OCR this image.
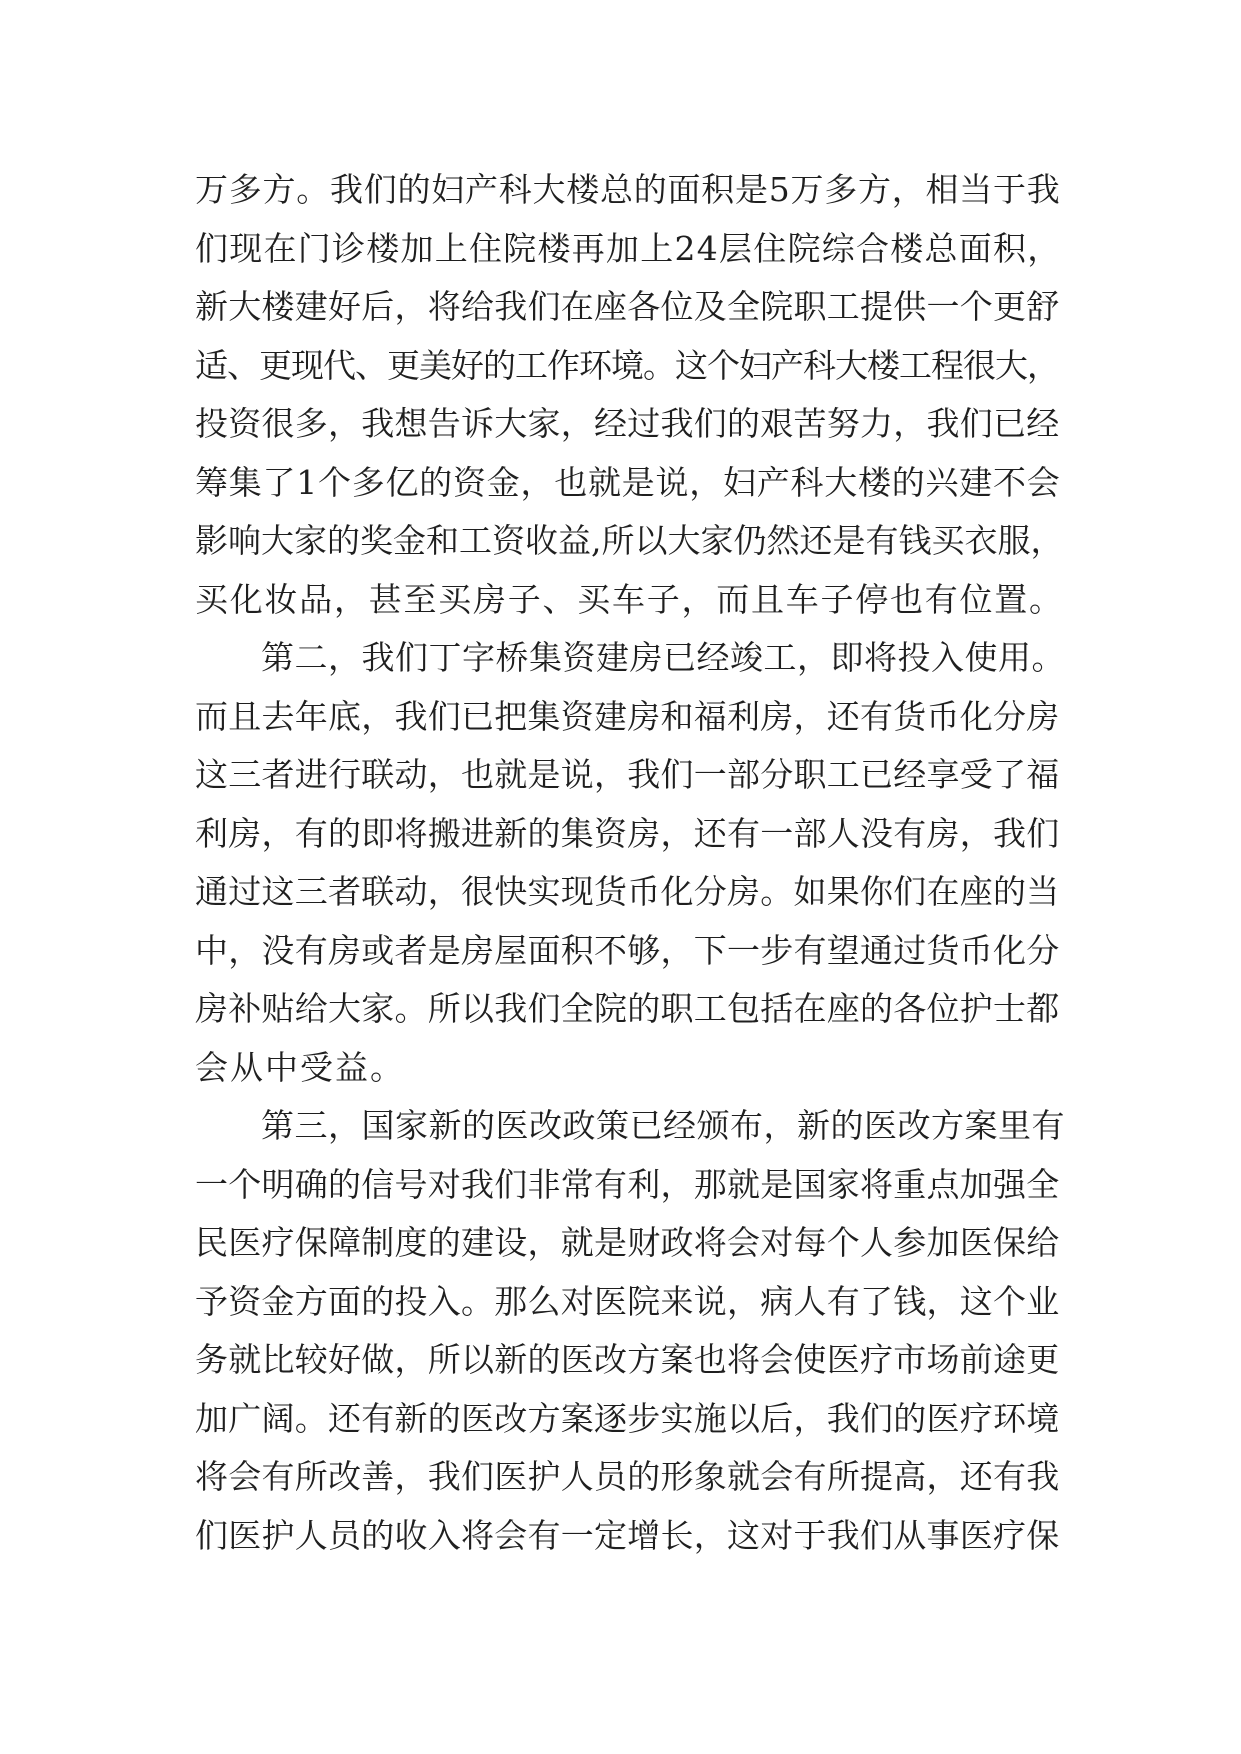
万多方。我们的妇产科大楼总的面积是5万多方，相当于我
们现在门诊楼加上住院楼再加上24层住院综合楼总面积，
新大楼建好后，将给我们在座各位及全院职工提供一个更舒
适、更现代、更美好的工作环境。这个妇产科大楼工程很大，
投资很多，我想告诉大家，经过我们的艰苦努力，我们已经
筹集了1个多亿的资金，也就是说，妇产科大楼的兴建不会
影响大家的奖金和工资收益,所以大家仍然还是有钱买衣服，
买化妆品，甚至买房子、买车子，而且车子停也有位置。
第二，我们丁字桥集资建房已经竣工，即将投入使用。
而且去年底，我们已把集资建房和福利房，还有货币化分房
这三者进行联动，也就是说，我们一部分职工已经享受了福
利房，有的即将搬进新的集资房，还有一部人没有房，我们
通过这三者联动，很快实现货币化分房。如果你们在座的当
中，没有房或者是房屋面积不够，下一步有望通过货币化分
房补贴给大家。所以我们全院的职工包括在座的各位护士都
会从中受益。
第三，国家新的医改政策已经颁布，新的医改方案里有
一个明确的信号对我们非常有利，那就是国家将重点加强全
民医疗保障制度的建设，就是财政将会对每个人参加医保给
予资金方面的投入。那么对医院来说，病人有了钱，这个业
务就比较好做，所以新的医改方案也将会使医疗市场前途更
加广阔。还有新的医改方案逐步实施以后，我们的医疗环境
将会有所改善，我们医护人员的形象就会有所提高，还有我
们医护人员的收入将会有一定增长，这对于我们从事医疗保
